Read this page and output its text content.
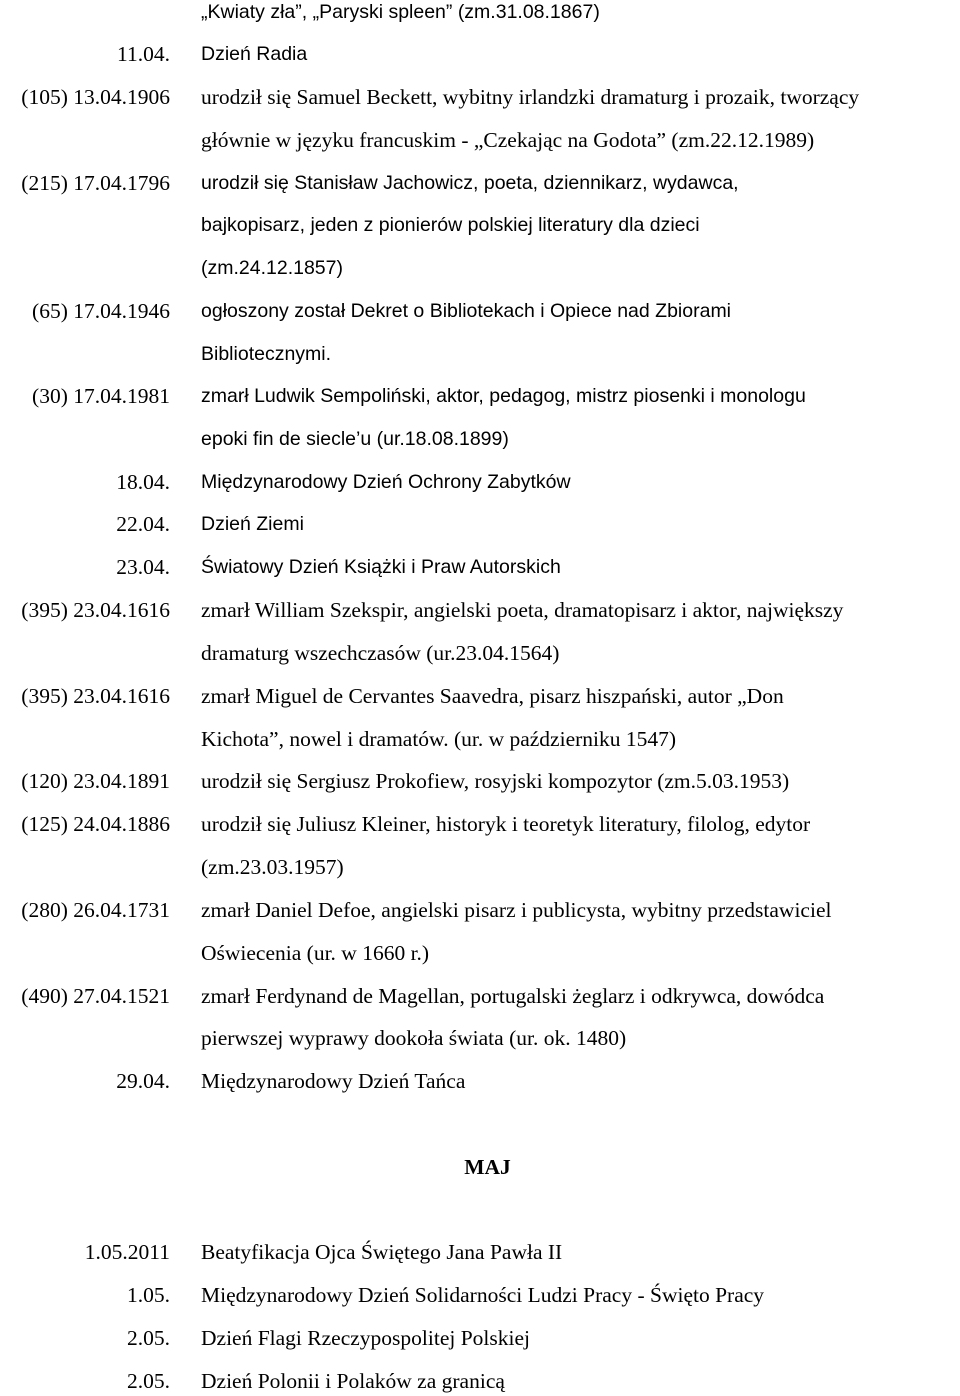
MAJ
„Kwiaty zła”, „Paryski spleen” (zm.31.08.1867)
11.04. Dzień Radia
(105) 13.04.1906 urodził się Samuel Beckett, wybitny irlandzki dramaturg i prozaik, tworzący
głównie w języku francuskim - „Czekając na Godota” (zm.22.12.1989)
(215) 17.04.1796 urodził się Stanisław Jachowicz, poeta, dziennikarz, wydawca,
bajkopisarz, jeden z pionierów polskiej literatury dla dzieci
(zm.24.12.1857)
(65) 17.04.1946 ogłoszony został Dekret o Bibliotekach i Opiece nad Zbiorami
Bibliotecznymi.
(30) 17.04.1981 zmarł Ludwik Sempoliński, aktor, pedagog, mistrz piosenki i monologu
epoki fin de siecle’u (ur.18.08.1899)
18.04. Międzynarodowy Dzień Ochrony Zabytków
22.04. Dzień Ziemi
23.04. Światowy Dzień Książki i Praw Autorskich
(395) 23.04.1616 zmarł William Szekspir, angielski poeta, dramatopisarz i aktor, największy
dramaturg wszechczasów (ur.23.04.1564)
(395) 23.04.1616 zmarł Miguel de Cervantes Saavedra, pisarz hiszpański, autor „Don
Kichota”, nowel i dramatów. (ur. w październiku 1547)
(120) 23.04.1891 urodził się Sergiusz Prokofiew, rosyjski kompozytor (zm.5.03.1953)
(125) 24.04.1886 urodził się Juliusz Kleiner, historyk i teoretyk literatury, filolog, edytor
(zm.23.03.1957)
(280) 26.04.1731 zmarł Daniel Defoe, angielski pisarz i publicysta, wybitny przedstawiciel
Oświecenia (ur. w 1660 r.)
(490) 27.04.1521 zmarł Ferdynand de Magellan, portugalski żeglarz i odkrywca, dowódca
pierwszej wyprawy dookoła świata (ur. ok. 1480)
29.04. Międzynarodowy Dzień Tańca
1.05.2011 Beatyfikacja Ojca Świętego Jana Pawła II
1.05. Międzynarodowy Dzień Solidarności Ludzi Pracy - Święto Pracy
2.05. Dzień Flagi Rzeczypospolitej Polskiej
2.05. Dzień Polonii i Polaków za granicą
